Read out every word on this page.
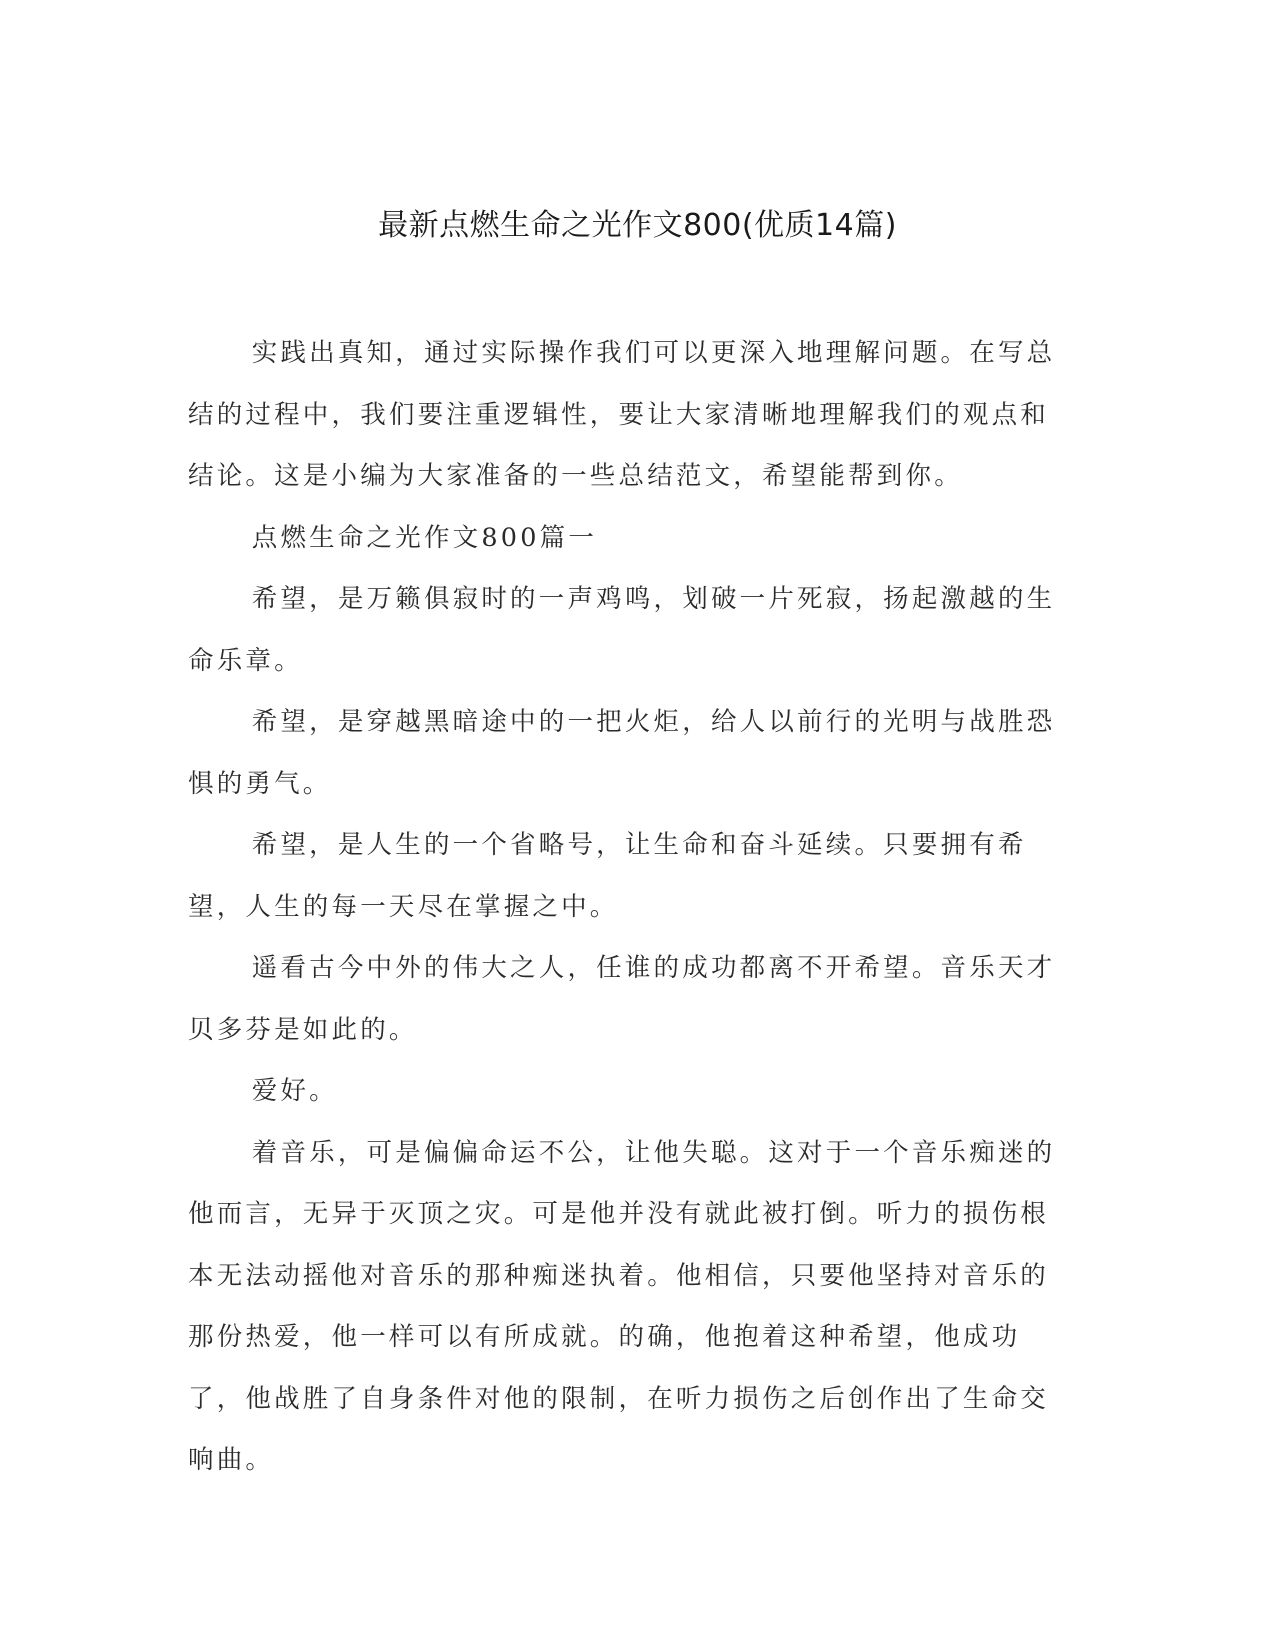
最新点燃生命之光作文800(优质14篇)

实践出真知，通过实际操作我们可以更深入地理解问题。在写总结的过程中，我们要注重逻辑性，要让大家清晰地理解我们的观点和结论。这是小编为大家准备的一些总结范文，希望能帮到你。

点燃生命之光作文800篇一

希望，是万籁俱寂时的一声鸡鸣，划破一片死寂，扬起激越的生命乐章。

希望，是穿越黑暗途中的一把火炬，给人以前行的光明与战胜恐惧的勇气。

希望，是人生的一个省略号，让生命和奋斗延续。只要拥有希望，人生的每一天尽在掌握之中。

遥看古今中外的伟大之人，任谁的成功都离不开希望。音乐天才贝多芬是如此的。

爱好。

着音乐，可是偏偏命运不公，让他失聪。这对于一个音乐痴迷的他而言，无异于灭顶之灾。可是他并没有就此被打倒。听力的损伤根本无法动摇他对音乐的那种痴迷执着。他相信，只要他坚持对音乐的那份热爱，他一样可以有所成就。的确，他抱着这种希望，他成功了，他战胜了自身条件对他的限制，在听力损伤之后创作出了生命交响曲。
